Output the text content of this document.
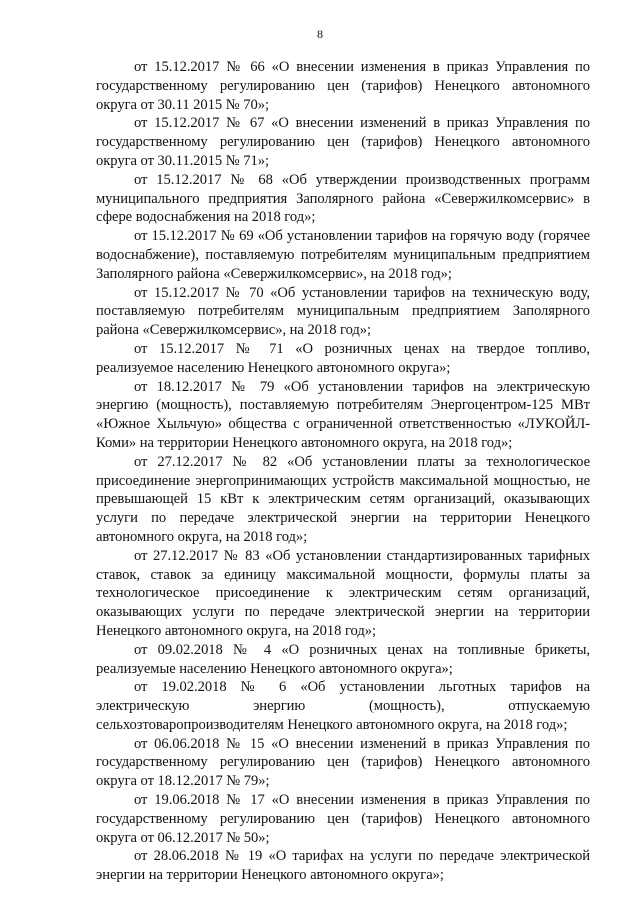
8

от 15.12.2017 № 66 «О внесении изменения в приказ Управления по государственному регулированию цен (тарифов) Ненецкого автономного округа от 30.11 2015 № 70»;

от 15.12.2017 № 67 «О внесении изменений в приказ Управления по государственному регулированию цен (тарифов) Ненецкого автономного округа от 30.11.2015 № 71»;

от 15.12.2017 № 68 «Об утверждении производственных программ муниципального предприятия Заполярного района «Севержилкомсервис» в сфере водоснабжения на 2018 год»;

от 15.12.2017 № 69 «Об установлении тарифов на горячую воду (горячее водоснабжение), поставляемую потребителям муниципальным предприятием Заполярного района «Севержилкомсервис», на 2018 год»;

от 15.12.2017 № 70 «Об установлении тарифов на техническую воду, поставляемую потребителям муниципальным предприятием Заполярного района «Севержилкомсервис», на 2018 год»;

от 15.12.2017 № 71 «О розничных ценах на твердое топливо, реализуемое населению Ненецкого автономного округа»;

от 18.12.2017 № 79 «Об установлении тарифов на электрическую энергию (мощность), поставляемую потребителям Энергоцентром-125 МВт «Южное Хыльчую» общества с ограниченной ответственностью «ЛУКОЙЛ-Коми» на территории Ненецкого автономного округа, на 2018 год»;

от 27.12.2017 № 82 «Об установлении платы за технологическое присоединение энергопринимающих устройств максимальной мощностью, не превышающей 15 кВт к электрическим сетям организаций, оказывающих услуги по передаче электрической энергии на территории Ненецкого автономного округа, на 2018 год»;

от 27.12.2017 № 83 «Об установлении стандартизированных тарифных ставок, ставок за единицу максимальной мощности, формулы платы за технологическое присоединение к электрическим сетям организаций, оказывающих услуги по передаче электрической энергии на территории Ненецкого автономного округа, на 2018 год»;

от 09.02.2018 № 4 «О розничных ценах на топливные брикеты, реализуемые населению Ненецкого автономного округа»;

от 19.02.2018 № 6 «Об установлении льготных тарифов на электрическую энергию (мощность), отпускаемую сельхозтоваропроизводителям Ненецкого автономного округа, на 2018 год»;

от 06.06.2018 № 15 «О внесении изменений в приказ Управления по государственному регулированию цен (тарифов) Ненецкого автономного округа от 18.12.2017 № 79»;

от 19.06.2018 № 17 «О внесении изменения в приказ Управления по государственному регулированию цен (тарифов) Ненецкого автономного округа от 06.12.2017 № 50»;

от 28.06.2018 № 19 «О тарифах на услуги по передаче электрической энергии на территории Ненецкого автономного округа»;
